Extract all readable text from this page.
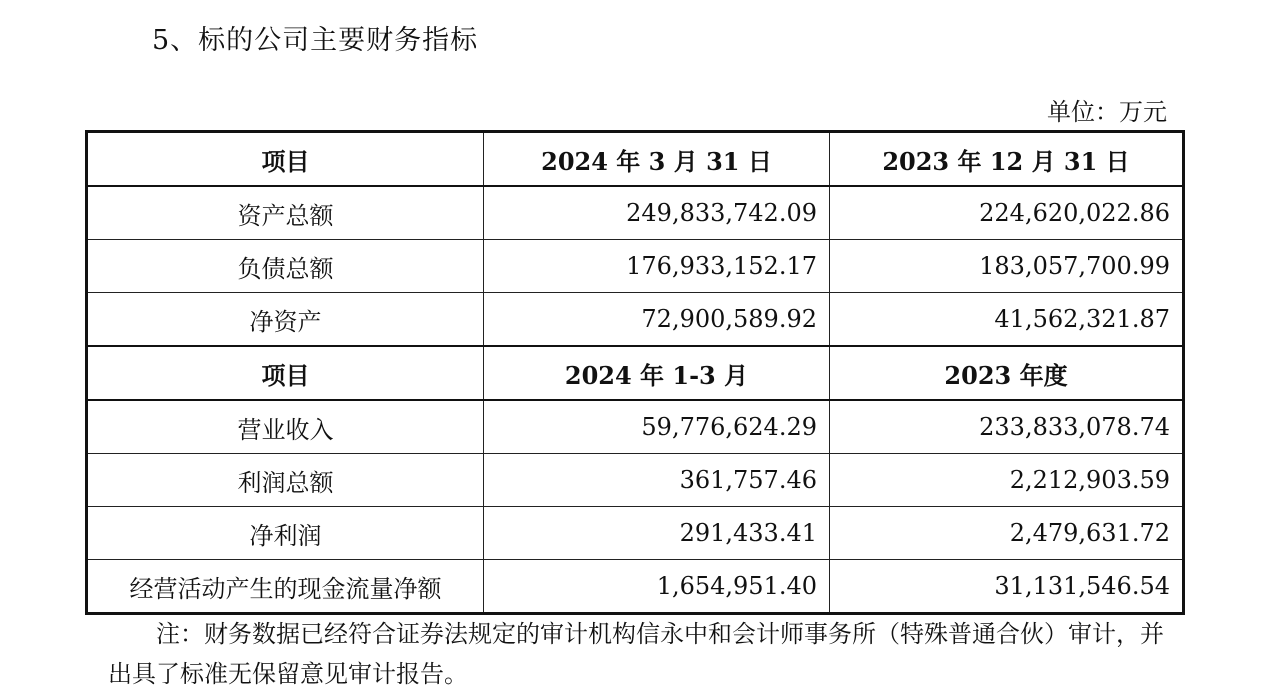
5、标的公司主要财务指标
单位：万元
项目	2024 年 3 月 31 日	2023 年 12 月 31 日
资产总额	249,833,742.09	224,620,022.86
负债总额	176,933,152.17	183,057,700.99
净资产	72,900,589.92	41,562,321.87
项目	2024 年 1-3 月	2023 年度
营业收入	59,776,624.29	233,833,078.74
利润总额	361,757.46	2,212,903.59
净利润	291,433.41	2,479,631.72
经营活动产生的现金流量净额	1,654,951.40	31,131,546.54
注：财务数据已经符合证券法规定的审计机构信永中和会计师事务所（特殊普通合伙）审计，并出具了标准无保留意见审计报告。
